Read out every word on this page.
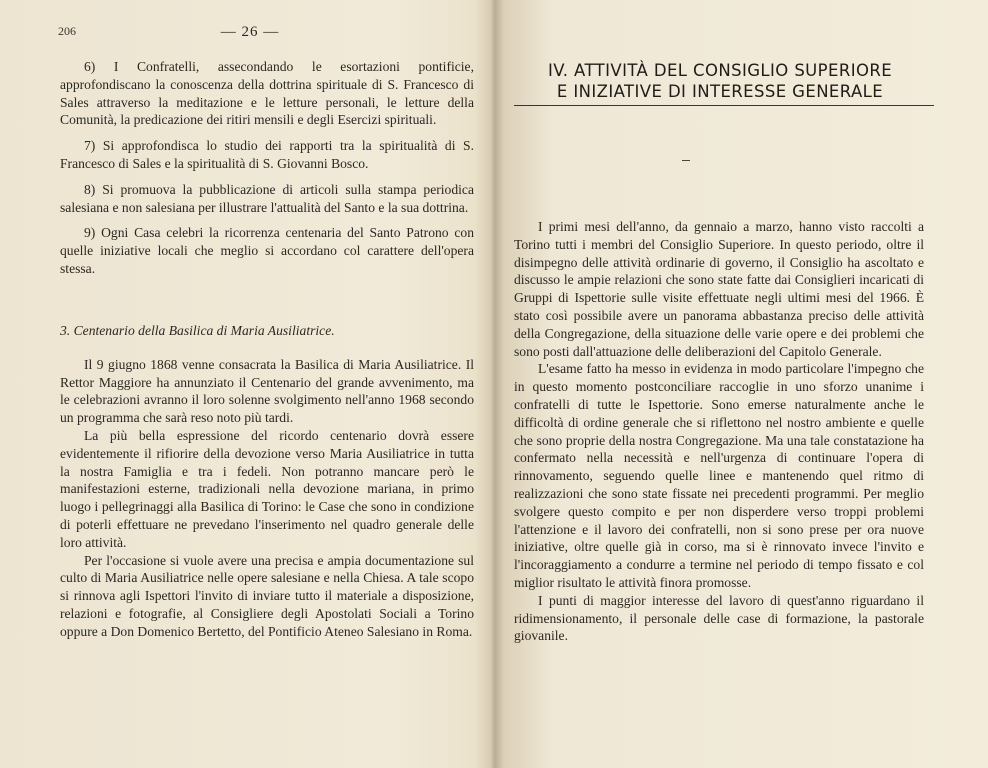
206	— 26 —

6) I Confratelli, assecondando le esortazioni pontificie, approfondiscano la conoscenza della dottrina spirituale di S. Francesco di Sales attraverso la meditazione e le letture personali, le letture della Comunità, la predicazione dei ritiri mensili e degli Esercizi spirituali.

7) Si approfondisca lo studio dei rapporti tra la spiritualità di S. Francesco di Sales e la spiritualità di S. Giovanni Bosco.

8) Si promuova la pubblicazione di articoli sulla stampa periodica salesiana e non salesiana per illustrare l'attualità del Santo e la sua dottrina.

9) Ogni Casa celebri la ricorrenza centenaria del Santo Patrono con quelle iniziative locali che meglio si accordano col carattere dell'opera stessa.

3. Centenario della Basilica di Maria Ausiliatrice.

Il 9 giugno 1868 venne consacrata la Basilica di Maria Ausiliatrice. Il Rettor Maggiore ha annunziato il Centenario del grande avvenimento, ma le celebrazioni avranno il loro solenne svolgimento nell'anno 1968 secondo un programma che sarà reso noto più tardi.

La più bella espressione del ricordo centenario dovrà essere evidentemente il rifiorire della devozione verso Maria Ausiliatrice in tutta la nostra Famiglia e tra i fedeli. Non potranno mancare però le manifestazioni esterne, tradizionali nella devozione mariana, in primo luogo i pellegrinaggi alla Basilica di Torino: le Case che sono in condizione di poterli effettuare ne prevedano l'inserimento nel quadro generale delle loro attività.

Per l'occasione si vuole avere una precisa e ampia documentazione sul culto di Maria Ausiliatrice nelle opere salesiane e nella Chiesa. A tale scopo si rinnova agli Ispettori l'invito di inviare tutto il materiale a disposizione, relazioni e fotografie, al Consigliere degli Apostolati Sociali a Torino oppure a Don Domenico Bertetto, del Pontificio Ateneo Salesiano in Roma.

IV. ATTIVITÀ DEL CONSIGLIO SUPERIORE
E INIZIATIVE DI INTERESSE GENERALE

I primi mesi dell'anno, da gennaio a marzo, hanno visto raccolti a Torino tutti i membri del Consiglio Superiore. In questo periodo, oltre il disimpegno delle attività ordinarie di governo, il Consiglio ha ascoltato e discusso le ampie relazioni che sono state fatte dai Consiglieri incaricati di Gruppi di Ispettorie sulle visite effettuate negli ultimi mesi del 1966. È stato così possibile avere un panorama abbastanza preciso delle attività della Congregazione, della situazione delle varie opere e dei problemi che sono posti dall'attuazione delle deliberazioni del Capitolo Generale.

L'esame fatto ha messo in evidenza in modo particolare l'impegno che in questo momento postconciliare raccoglie in uno sforzo unanime i confratelli di tutte le Ispettorie. Sono emerse naturalmente anche le difficoltà di ordine generale che si riflettono nel nostro ambiente e quelle che sono proprie della nostra Congregazione. Ma una tale constatazione ha confermato nella necessità e nell'urgenza di continuare l'opera di rinnovamento, seguendo quelle linee e mantenendo quel ritmo di realizzazioni che sono state fissate nei precedenti programmi. Per meglio svolgere questo compito e per non disperdere verso troppi problemi l'attenzione e il lavoro dei confratelli, non si sono prese per ora nuove iniziative, oltre quelle già in corso, ma si è rinnovato invece l'invito e l'incoraggiamento a condurre a termine nel periodo di tempo fissato e col miglior risultato le attività finora promosse.

I punti di maggior interesse del lavoro di quest'anno riguardano il ridimensionamento, il personale delle case di formazione, la pastorale giovanile.
